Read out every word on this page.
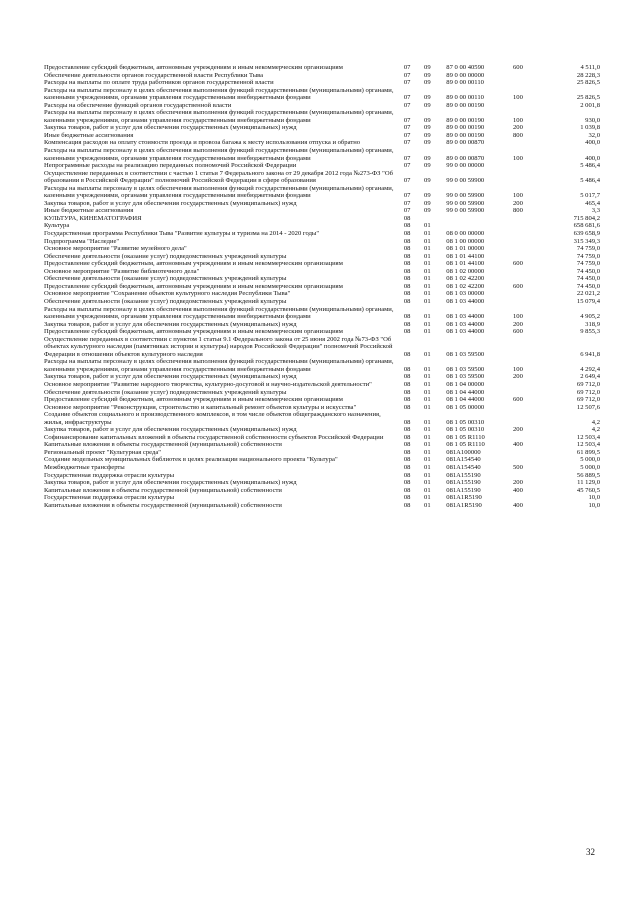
Предоставление субсидий бюджетным, автономным учреждениям и иным некоммерческим организациям	07	09	87 0 00 40590	600	4 511,0
Обеспечение деятельности органов государственной власти Республики Тыва	07	09	89 0 00 00000		28 228,3
Расходы на выплаты по оплате труда работников органов государственной власти	07	09	89 0 00 00110		25 826,5
Расходы на выплаты персоналу в целях обеспечения выполнения функций государственными (муниципальными) органами, казенными учреждениями, органами управления государственными внебюджетными фондами	07	09	89 0 00 00110	100	25 826,5
Расходы на обеспечение функций органов государственной власти	07	09	89 0 00 00190		2 001,8
Расходы на выплаты персоналу в целях обеспечения выполнения функций государственными (муниципальными) органами, казенными учреждениями, органами управления государственными внебюджетными фондами	07	09	89 0 00 00190	100	930,0
Закупка товаров, работ и услуг для обеспечения государственных (муниципальных) нужд	07	09	89 0 00 00190	200	1 039,8
Иные бюджетные ассигнования	07	09	89 0 00 00190	800	32,0
Компенсация расходов на оплату стоимости проезда и провоза багажа к месту использования отпуска и обратно	07	09	89 0 00 00870		400,0
Расходы на выплаты персоналу в целях обеспечения выполнения функций государственными (муниципальными) органами, казенными учреждениями, органами управления государственными внебюджетными фондами	07	09	89 0 00 00870	100	400,0
Непрограммные расходы на реализацию переданных полномочий Российской Федерации	07	09	99 0 00 00000		5 486,4
Осуществление переданных в соответствии с частью 1 статьи 7 Федерального закона от 29 декабря 2012 года №273-ФЗ "Об образовании в Российской Федерации" полномочий Российской Федерации в сфере образования	07	09	99 0 00 59900		5 486,4
Расходы на выплаты персоналу в целях обеспечения выполнения функций государственными (муниципальными) органами, казенными учреждениями, органами управления государственными внебюджетными фондами	07	09	99 0 00 59900	100	5 017,7
Закупка товаров, работ и услуг для обеспечения государственных (муниципальных) нужд	07	09	99 0 00 59900	200	465,4
Иные бюджетные ассигнования	07	09	99 0 00 59900	800	3,3
КУЛЬТУРА, КИНЕМАТОГРАФИЯ	08				715 804,2
Культура	08	01			658 681,6
Государственная программа Республики Тыва "Развитие культуры и туризма на 2014 - 2020 годы"	08	01	08 0 00 00000		639 658,9
Подпрограмма "Наследие"	08	01	08 1 00 00000		315 349,3
Основное мероприятие "Развитие музейного дела"	08	01	08 1 01 00000		74 759,0
Обеспечение деятельности (оказание услуг) подведомственных учреждений культуры	08	01	08 1 01 44100		74 759,0
Предоставление субсидий бюджетным, автономным учреждениям и иным некоммерческим организациям	08	01	08 1 01 44100	600	74 759,0
Основное мероприятие "Развитие библиотечного дела"	08	01	08 1 02 00000		74 450,0
Обеспечение деятельности (оказание услуг) подведомственных учреждений культуры	08	01	08 1 02 42200		74 450,0
Предоставление субсидий бюджетным, автономным учреждениям и иным некоммерческим организациям	08	01	08 1 02 42200	600	74 450,0
Основное мероприятие "Сохранение объектов культурного наследия Республики Тыва"	08	01	08 1 03 00000		22 021,2
Обеспечение деятельности (оказание услуг) подведомственных учреждений культуры	08	01	08 1 03 44000		15 079,4
Расходы на выплаты персоналу в целях обеспечения выполнения функций государственными (муниципальными) органами, казенными учреждениями, органами управления государственными внебюджетными фондами	08	01	08 1 03 44000	100	4 905,2
Закупка товаров, работ и услуг для обеспечения государственных (муниципальных) нужд	08	01	08 1 03 44000	200	318,9
Предоставление субсидий бюджетным, автономным учреждениям и иным некоммерческим организациям	08	01	08 1 03 44000	600	9 855,3
Осуществление переданных в соответствии с пунктом 1 статьи 9.1 Федерального закона от 25 июня 2002 года №73-ФЗ "Об объектах культурного наследия (памятниках истории и культуры) народов Российской Федерации" полномочий Российской Федерации в отношении объектов культурного наследия	08	01	08 1 03 59500		6 941,8
Расходы на выплаты персоналу в целях обеспечения выполнения функций государственными (муниципальными) органами, казенными учреждениями, органами управления государственными внебюджетными фондами	08	01	08 1 03 59500	100	4 292,4
Закупка товаров, работ и услуг для обеспечения государственных (муниципальных) нужд	08	01	08 1 03 59500	200	2 649,4
Основное мероприятие "Развитие народного творчества, культурно-досуговой и научно-издательской деятельности"	08	01	08 1 04 00000		69 712,0
Обеспечение деятельности (оказание услуг) подведомственных учреждений культуры	08	01	08 1 04 44000		69 712,0
Предоставление субсидий бюджетным, автономным учреждениям и иным некоммерческим организациям	08	01	08 1 04 44000	600	69 712,0
Основное мероприятие "Реконструкция, строительство и капитальный ремонт объектов культуры и искусства"	08	01	08 1 05 00000		12 507,6
Создание объектов социального и производственного комплексов, в том числе объектов общегражданского назначения, жилья, инфраструктуры	08	01	08 1 05 00310		4,2
Закупка товаров, работ и услуг для обеспечения государственных (муниципальных) нужд	08	01	08 1 05 00310	200	4,2
Софинансирование капитальных вложений в объекты государственной собственности субъектов Российской Федерации	08	01	08 1 05 R1110		12 503,4
Капитальные вложения в объекты государственной (муниципальной) собственности	08	01	08 1 05 R1110	400	12 503,4
Региональный проект "Культурная среда"	08	01	081A100000		61 899,5
Создание модельных муниципальных библиотек в целях реализации национального проекта "Культура"	08	01	081A154540		5 000,0
Межбюджетные трансферты	08	01	081A154540	500	5 000,0
Государственная поддержка отрасли культуры	08	01	081A155190		56 889,5
Закупка товаров, работ и услуг для обеспечения государственных (муниципальных) нужд	08	01	081A155190	200	11 129,0
Капитальные вложения в объекты государственной (муниципальной) собственности	08	01	081A155190	400	45 760,5
Государственная поддержка отрасли культуры	08	01	081A1R5190		10,0
Капитальные вложения в объекты государственной (муниципальной) собственности	08	01	081A1R5190	400	10,0
32
